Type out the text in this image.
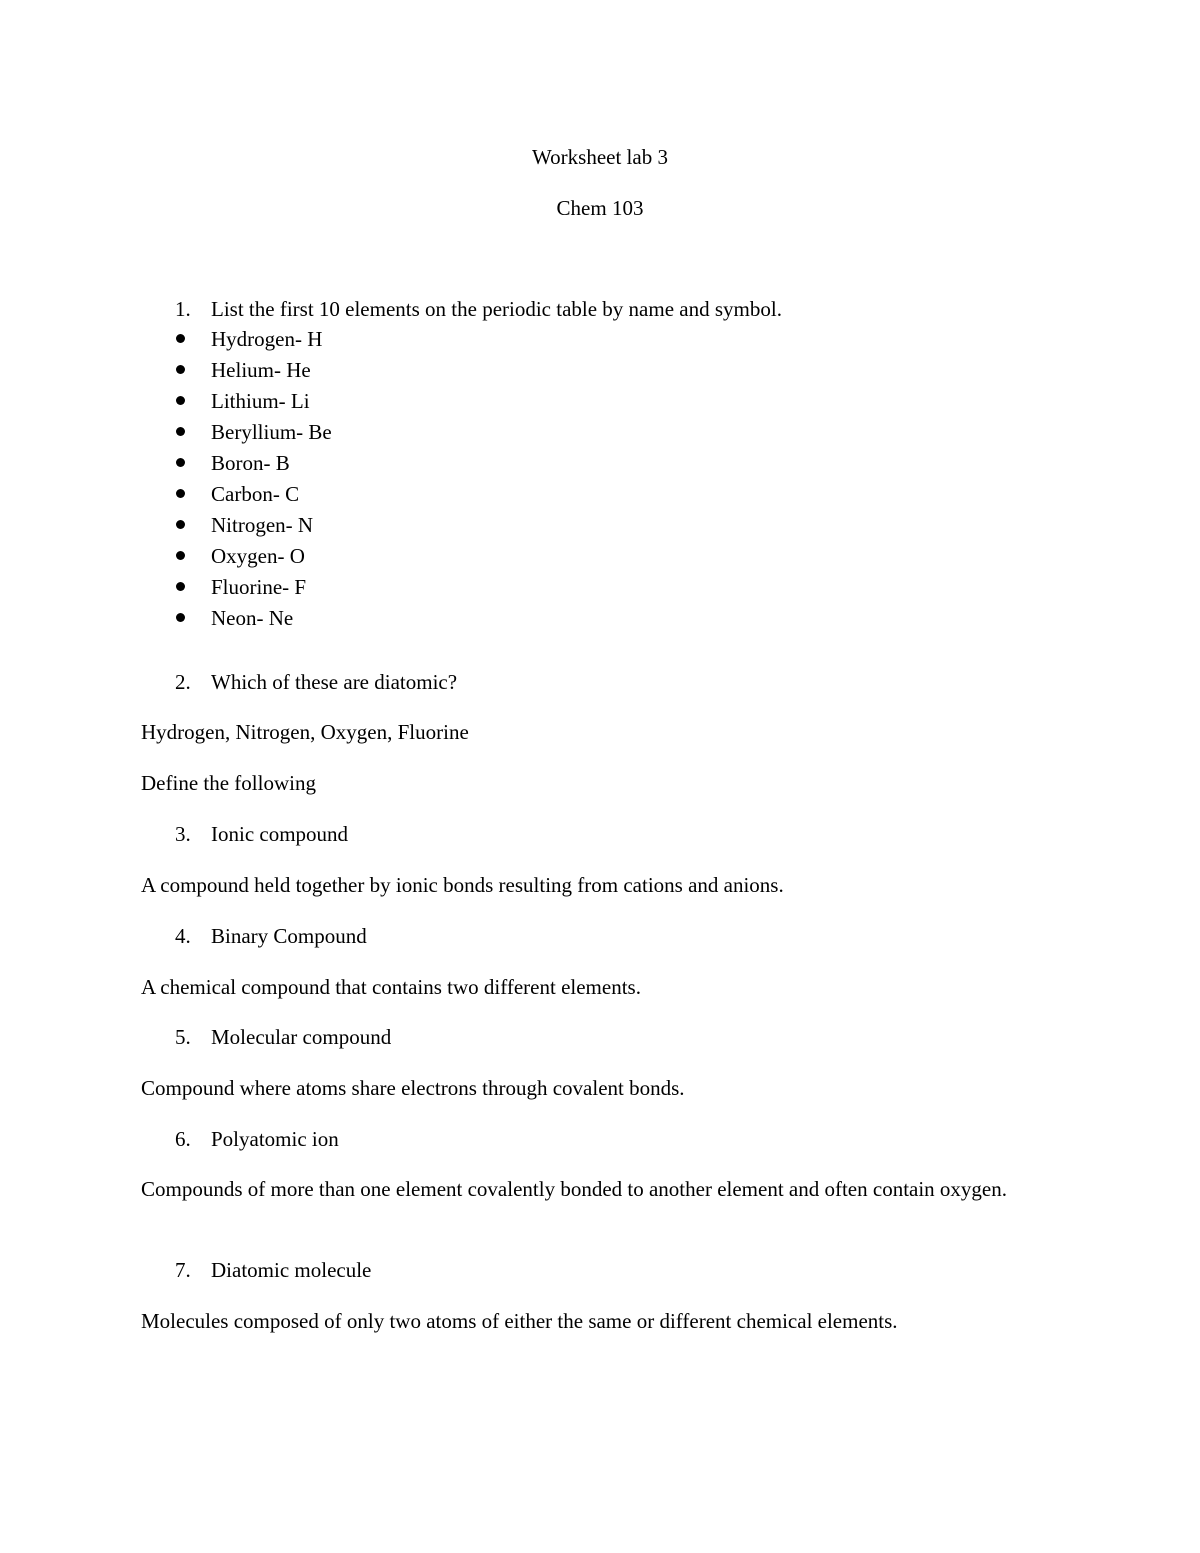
Worksheet lab 3
Chem 103
1. List the first 10 elements on the periodic table by name and symbol.
Hydrogen- H
Helium- He
Lithium- Li
Beryllium- Be
Boron- B
Carbon- C
Nitrogen- N
Oxygen- O
Fluorine- F
Neon- Ne
2. Which of these are diatomic?
Hydrogen, Nitrogen, Oxygen, Fluorine
Define the following
3. Ionic compound
A compound held together by ionic bonds resulting from cations and anions.
4. Binary Compound
A chemical compound that contains two different elements.
5. Molecular compound
Compound where atoms share electrons through covalent bonds.
6. Polyatomic ion
Compounds of more than one element covalently bonded to another element and often contain oxygen.
7. Diatomic molecule
Molecules composed of only two atoms of either the same or different chemical elements.
